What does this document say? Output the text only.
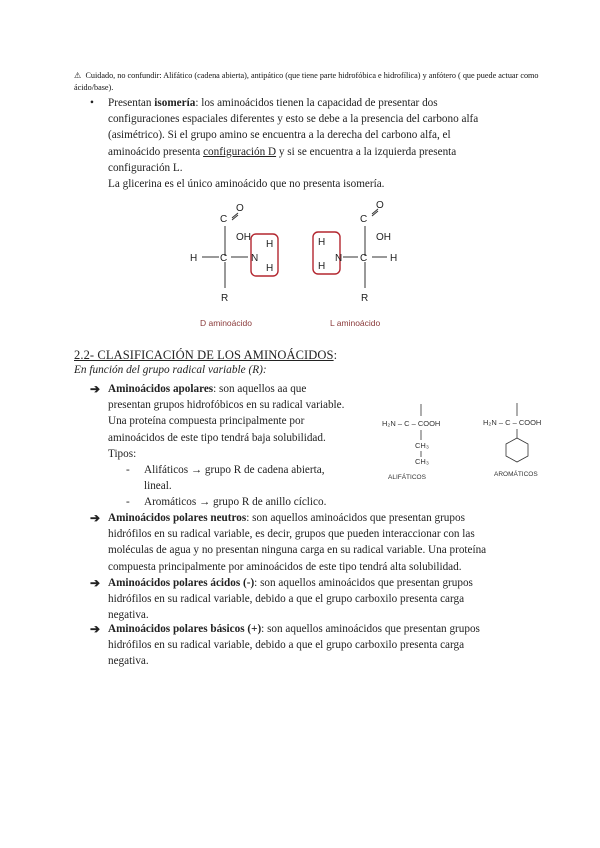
⚠ Cuidado, no confundir: Alifático (cadena abierta), antipático (que tiene parte hidrofóbica e hidrofílica) y anfótero ( que puede actuar como ácido/base).
• Presentan isomería: los aminoácidos tienen la capacidad de presentar dos
configuraciones espaciales diferentes y esto se debe a la presencia del carbono alfa
(asimétrico). Si el grupo amino se encuentra a la derecha del carbono alfa, el
aminoácido presenta configuración D y si se encuentra a la izquierda presenta
configuración L.
La glicerina es el único aminoácido que no presenta isomería.
O
C
OH
H C N
H
H
R
O
C
OH
H
H
N C H
R
D aminoácido	L aminoácido
2.2- CLASIFICACIÓN DE LOS AMINOÁCIDOS:
En función del grupo radical variable (R):
➔ Aminoácidos apolares: son aquellos aa que
presentan grupos hidrofóbicos en su radical variable.
Una proteína compuesta principalmente por
aminoácidos de este tipo tendrá baja solubilidad.
Tipos:
- Alifáticos → grupo R de cadena abierta,
lineal.
- Aromáticos → grupo R de anillo cíclico.
H₂N – C – COOH	H₂N – C – COOH
CH₃
CH₃
ALIFÁTICOS	AROMÁTICOS
➔ Aminoácidos polares neutros: son aquellos aminoácidos que presentan grupos
hidrófilos en su radical variable, es decir, grupos que pueden interaccionar con las
moléculas de agua y no presentan ninguna carga en su radical variable. Una proteína
compuesta principalmente por aminoácidos de este tipo tendrá alta solubilidad.
➔ Aminoácidos polares ácidos (-): son aquellos aminoácidos que presentan grupos
hidrófilos en su radical variable, debido a que el grupo carboxilo presenta carga
negativa.
➔ Aminoácidos polares básicos (+): son aquellos aminoácidos que presentan grupos
hidrófilos en su radical variable, debido a que el grupo carboxilo presenta carga
negativa.
